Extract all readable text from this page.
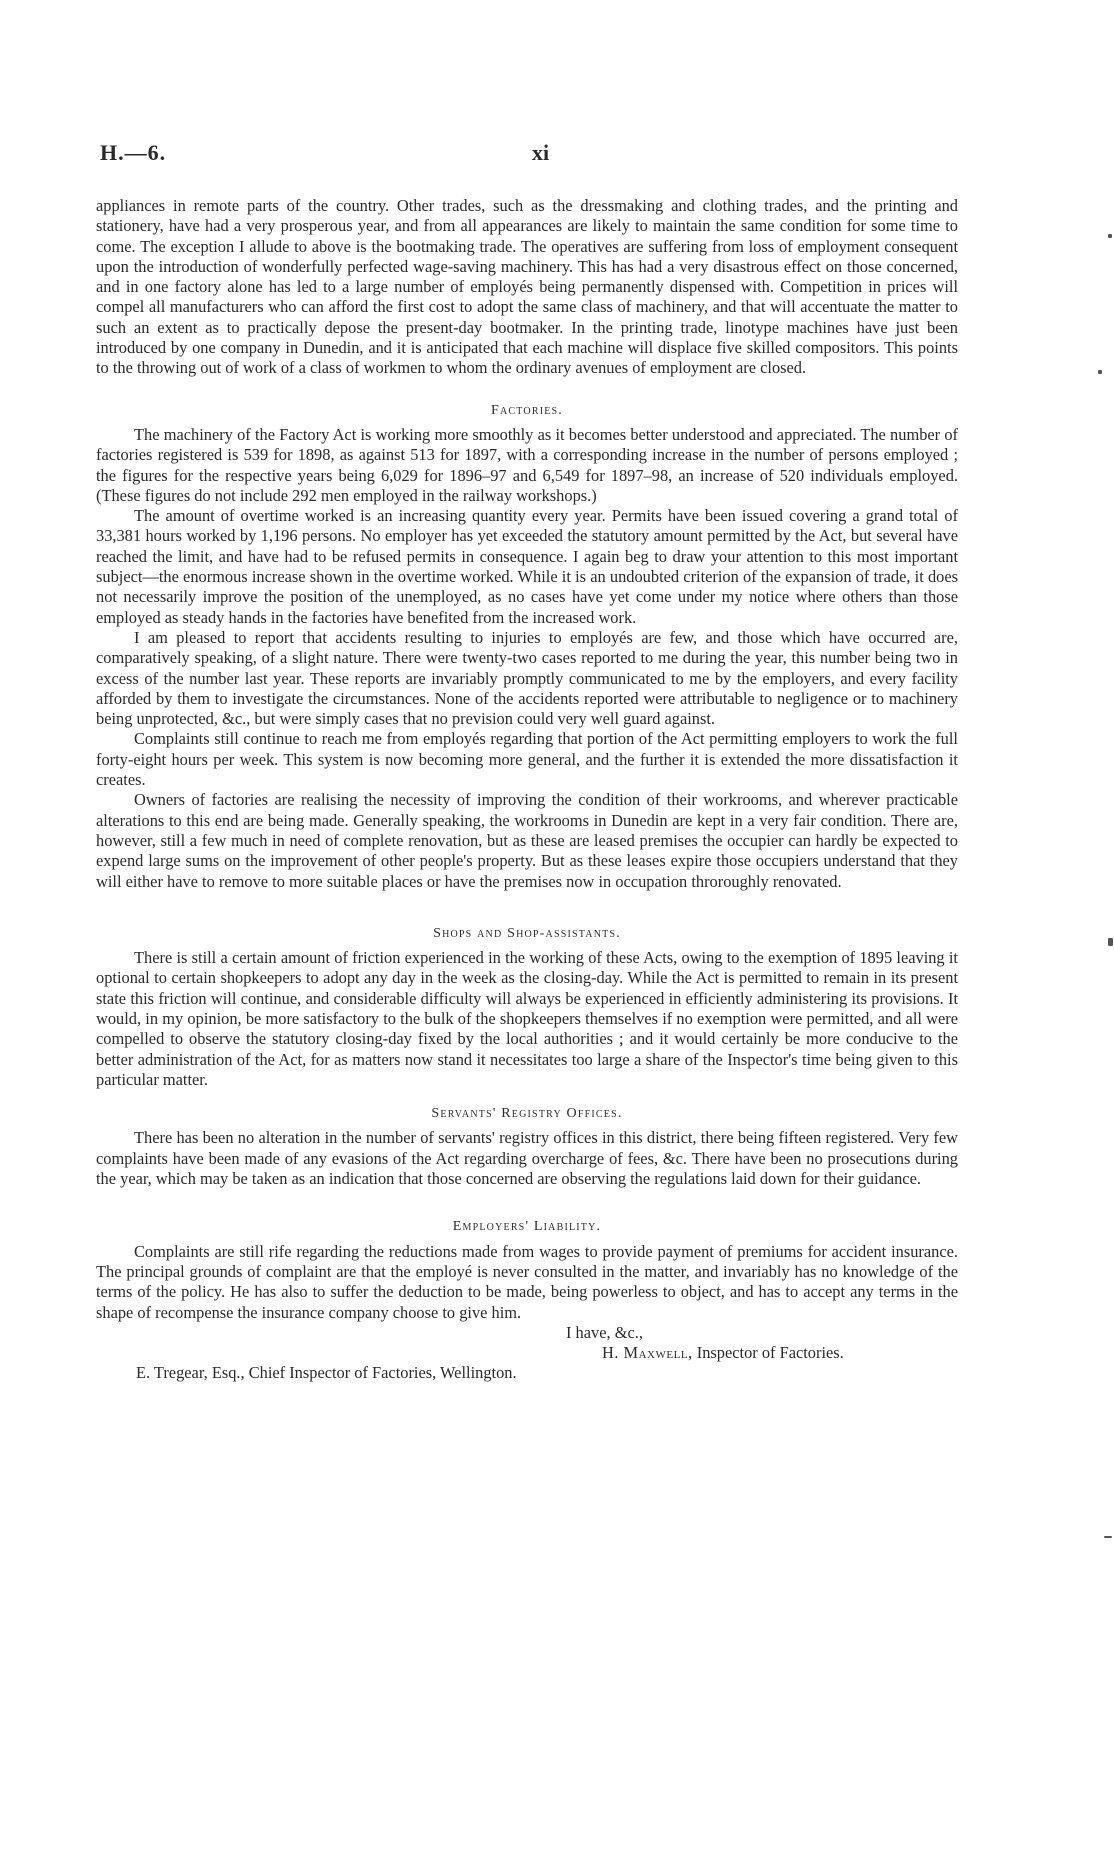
H.—6.	xi

appliances in remote parts of the country. Other trades, such as the dressmaking and clothing trades, and the printing and stationery, have had a very prosperous year, and from all appearances are likely to maintain the same condition for some time to come. The exception I allude to above is the bootmaking trade. The operatives are suffering from loss of employment consequent upon the introduction of wonderfully perfected wage-saving machinery. This has had a very disastrous effect on those concerned, and in one factory alone has led to a large number of employés being permanently dispensed with. Competition in prices will compel all manufacturers who can afford the first cost to adopt the same class of machinery, and that will accentuate the matter to such an extent as to practically depose the present-day bootmaker. In the printing trade, linotype machines have just been introduced by one company in Dunedin, and it is anticipated that each machine will displace five skilled compositors. This points to the throwing out of work of a class of workmen to whom the ordinary avenues of employment are closed.

Factories.

The machinery of the Factory Act is working more smoothly as it becomes better understood and appreciated. The number of factories registered is 539 for 1898, as against 513 for 1897, with a corresponding increase in the number of persons employed ; the figures for the respective years being 6,029 for 1896–97 and 6,549 for 1897–98, an increase of 520 individuals employed. (These figures do not include 292 men employed in the railway workshops.)

The amount of overtime worked is an increasing quantity every year. Permits have been issued covering a grand total of 33,381 hours worked by 1,196 persons. No employer has yet exceeded the statutory amount permitted by the Act, but several have reached the limit, and have had to be refused permits in consequence. I again beg to draw your attention to this most important subject—the enormous increase shown in the overtime worked. While it is an undoubted criterion of the expansion of trade, it does not necessarily improve the position of the unemployed, as no cases have yet come under my notice where others than those employed as steady hands in the factories have benefited from the increased work.

I am pleased to report that accidents resulting to injuries to employés are few, and those which have occurred are, comparatively speaking, of a slight nature. There were twenty-two cases reported to me during the year, this number being two in excess of the number last year. These reports are invariably promptly communicated to me by the employers, and every facility afforded by them to investigate the circumstances. None of the accidents reported were attributable to negligence or to machinery being unprotected, &c., but were simply cases that no prevision could very well guard against.

Complaints still continue to reach me from employés regarding that portion of the Act permitting employers to work the full forty-eight hours per week. This system is now becoming more general, and the further it is extended the more dissatisfaction it creates.

Owners of factories are realising the necessity of improving the condition of their workrooms, and wherever practicable alterations to this end are being made. Generally speaking, the workrooms in Dunedin are kept in a very fair condition. There are, however, still a few much in need of complete renovation, but as these are leased premises the occupier can hardly be expected to expend large sums on the improvement of other people's property. But as these leases expire those occupiers understand that they will either have to remove to more suitable places or have the premises now in occupation throroughly renovated.

Shops and Shop-assistants.

There is still a certain amount of friction experienced in the working of these Acts, owing to the exemption of 1895 leaving it optional to certain shopkeepers to adopt any day in the week as the closing-day. While the Act is permitted to remain in its present state this friction will continue, and considerable difficulty will always be experienced in efficiently administering its provisions. It would, in my opinion, be more satisfactory to the bulk of the shopkeepers themselves if no exemption were permitted, and all were compelled to observe the statutory closing-day fixed by the local authorities ; and it would certainly be more conducive to the better administration of the Act, for as matters now stand it necessitates too large a share of the Inspector's time being given to this particular matter.

Servants' Registry Offices.

There has been no alteration in the number of servants' registry offices in this district, there being fifteen registered. Very few complaints have been made of any evasions of the Act regarding overcharge of fees, &c. There have been no prosecutions during the year, which may be taken as an indication that those concerned are observing the regulations laid down for their guidance.

Employers' Liability.

Complaints are still rife regarding the reductions made from wages to provide payment of premiums for accident insurance. The principal grounds of complaint are that the employé is never consulted in the matter, and invariably has no knowledge of the terms of the policy. He has also to suffer the deduction to be made, being powerless to object, and has to accept any terms in the shape of recompense the insurance company choose to give him.

I have, &c.,
H. Maxwell, Inspector of Factories.
E. Tregear, Esq., Chief Inspector of Factories, Wellington.
